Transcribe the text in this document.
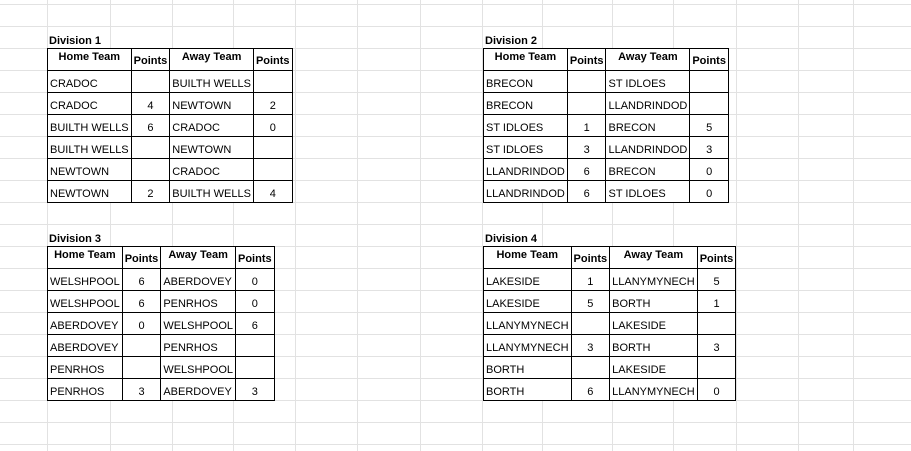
Division 1
Home Team	Points	Away Team	Points
CRADOC		BUILTH WELLS	
CRADOC	4	NEWTOWN	2
BUILTH WELLS	6	CRADOC	0
BUILTH WELLS		NEWTOWN	
NEWTOWN		CRADOC	
NEWTOWN	2	BUILTH WELLS	4
Division 2
Home Team	Points	Away Team	Points
BRECON		ST IDLOES	
BRECON		LLANDRINDOD	
ST IDLOES	1	BRECON	5
ST IDLOES	3	LLANDRINDOD	3
LLANDRINDOD	6	BRECON	0
LLANDRINDOD	6	ST IDLOES	0
Division 3
Home Team	Points	Away Team	Points
WELSHPOOL	6	ABERDOVEY	0
WELSHPOOL	6	PENRHOS	0
ABERDOVEY	0	WELSHPOOL	6
ABERDOVEY		PENRHOS	
PENRHOS		WELSHPOOL	
PENRHOS	3	ABERDOVEY	3
Division 4
Home Team	Points	Away Team	Points
LAKESIDE	1	LLANYMYNECH	5
LAKESIDE	5	BORTH	1
LLANYMYNECH		LAKESIDE	
LLANYMYNECH	3	BORTH	3
BORTH		LAKESIDE	
BORTH	6	LLANYMYNECH	0
